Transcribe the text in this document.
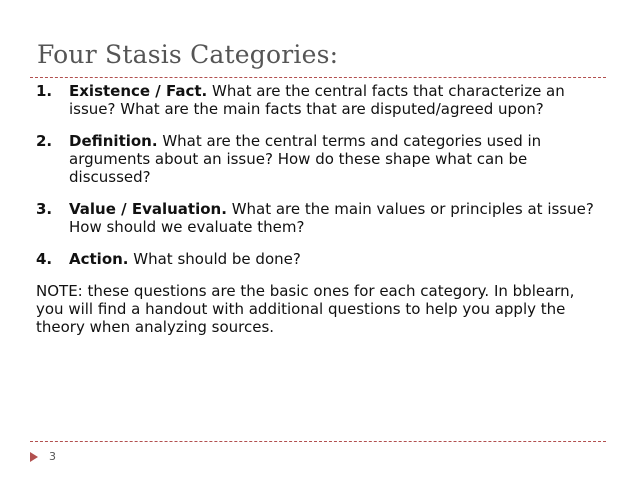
Four Stasis Categories:
1. Existence / Fact. What are the central facts that characterize an issue? What are the main facts that are disputed/agreed upon?
2. Definition. What are the central terms and categories used in arguments about an issue? How do these shape what can be discussed?
3. Value / Evaluation. What are the main values or principles at issue? How should we evaluate them?
4. Action. What should be done?
NOTE: these questions are the basic ones for each category. In bblearn, you will find a handout with additional questions to help you apply the theory when analyzing sources.
3
